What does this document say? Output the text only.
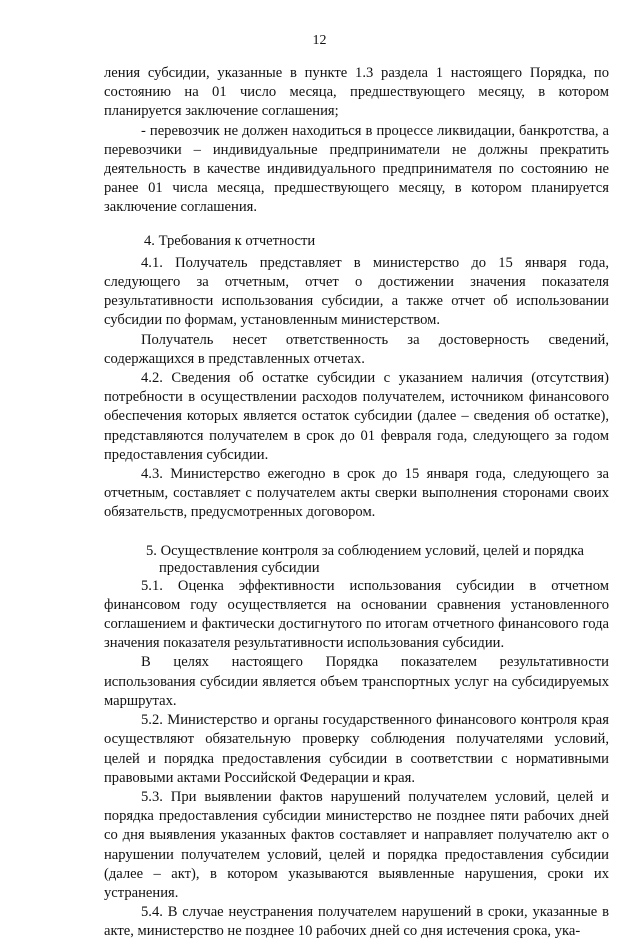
12

ления субсидии, указанные в пункте 1.3 раздела 1 настоящего Порядка, по состоянию на 01 число месяца, предшествующего месяцу, в котором планируется заключение соглашения;

- перевозчик не должен находиться в процессе ликвидации, банкротства, а перевозчики – индивидуальные предприниматели не должны прекратить деятельность в качестве индивидуального предпринимателя по состоянию не ранее 01 числа месяца, предшествующего месяцу, в котором планируется заключение соглашения.

4. Требования к отчетности

4.1. Получатель представляет в министерство до 15 января года, следующего за отчетным, отчет о достижении значения показателя результативности использования субсидии, а также отчет об использовании субсидии по формам, установленным министерством.

Получатель несет ответственность за достоверность сведений, содержащихся в представленных отчетах.

4.2. Сведения об остатке субсидии с указанием наличия (отсутствия) потребности в осуществлении расходов получателем, источником финансового обеспечения которых является остаток субсидии (далее – сведения об остатке), представляются получателем в срок до 01 февраля года, следующего за годом предоставления субсидии.

4.3. Министерство ежегодно в срок до 15 января года, следующего за отчетным, составляет с получателем акты сверки выполнения сторонами своих обязательств, предусмотренных договором.

5. Осуществление контроля за соблюдением условий, целей и порядка предоставления субсидии

5.1. Оценка эффективности использования субсидии в отчетном финансовом году осуществляется на основании сравнения установленного соглашением и фактически достигнутого по итогам отчетного финансового года значения показателя результативности использования субсидии.

В целях настоящего Порядка показателем результативности использования субсидии является объем транспортных услуг на субсидируемых маршрутах.

5.2. Министерство и органы государственного финансового контроля края осуществляют обязательную проверку соблюдения получателями условий, целей и порядка предоставления субсидии в соответствии с нормативными правовыми актами Российской Федерации и края.

5.3. При выявлении фактов нарушений получателем условий, целей и порядка предоставления субсидии министерство не позднее пяти рабочих дней со дня выявления указанных фактов составляет и направляет получателю акт о нарушении получателем условий, целей и порядка предоставления субсидии (далее – акт), в котором указываются выявленные нарушения, сроки их устранения.

5.4. В случае неустранения получателем нарушений в сроки, указанные в акте, министерство не позднее 10 рабочих дней со дня истечения срока, ука-
